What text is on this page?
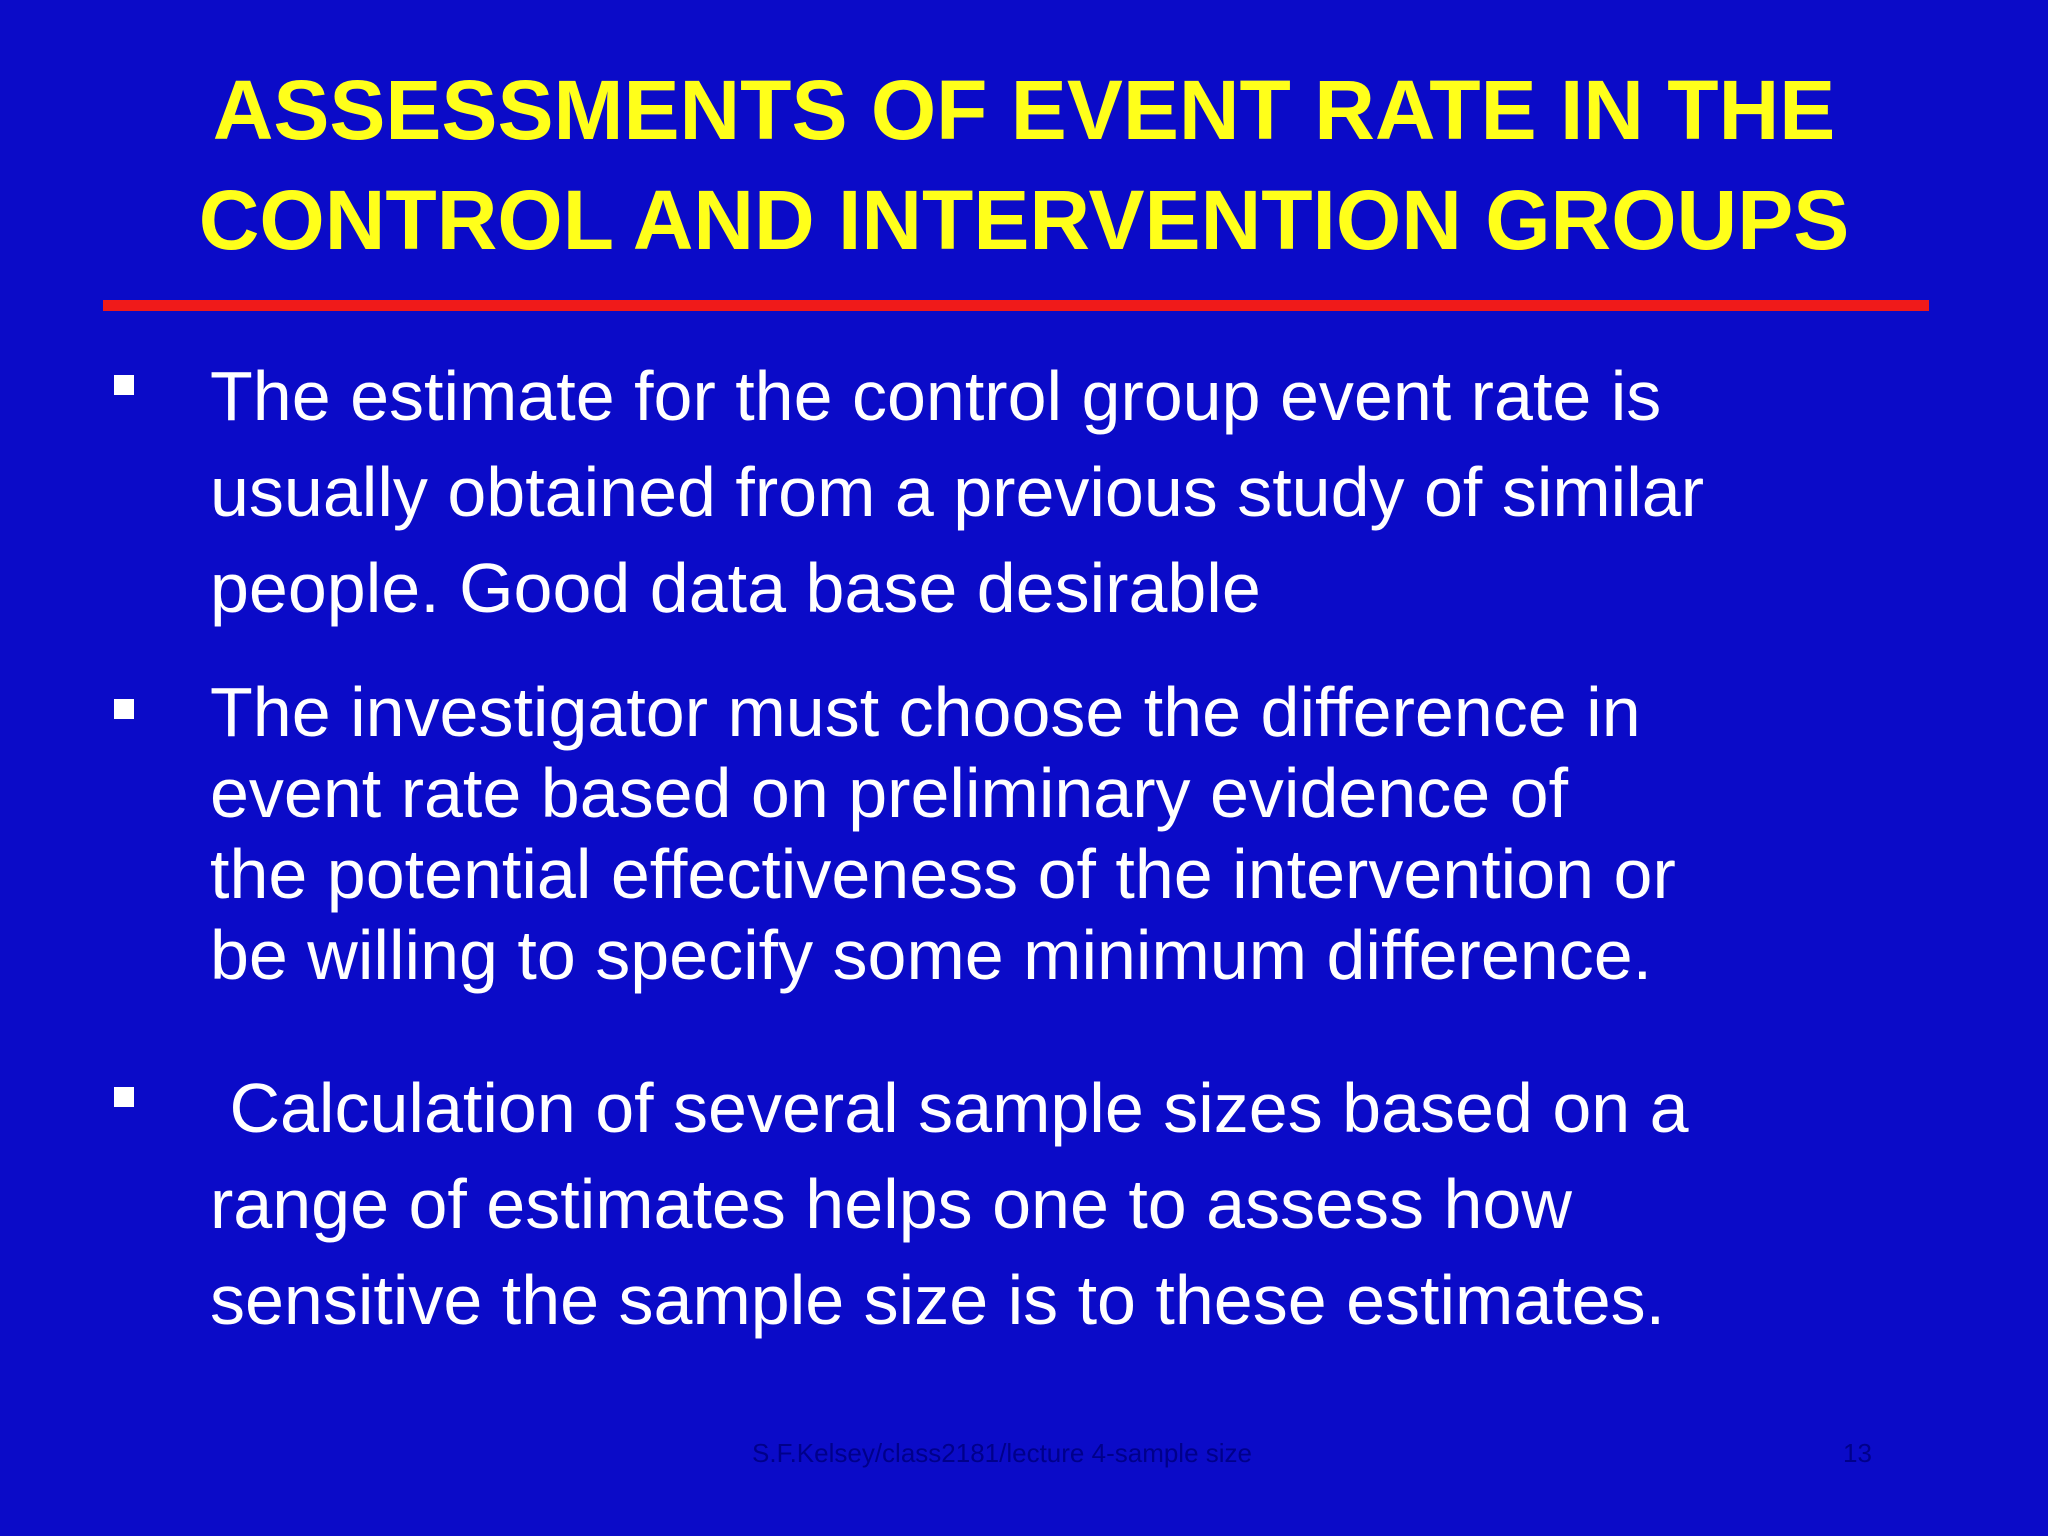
ASSESSMENTS OF EVENT RATE IN THE
CONTROL AND INTERVENTION GROUPS
The estimate for the control group event rate is
usually obtained from a previous study of similar
people. Good data base desirable
The investigator must choose the difference in
event rate based on preliminary evidence of
the potential effectiveness of the intervention or
be willing to specify some minimum difference.
Calculation of several sample sizes based on a
range of estimates helps one to assess how
sensitive the sample size is to these estimates.
S.F.Kelsey/class2181/lecture 4-sample size	13
